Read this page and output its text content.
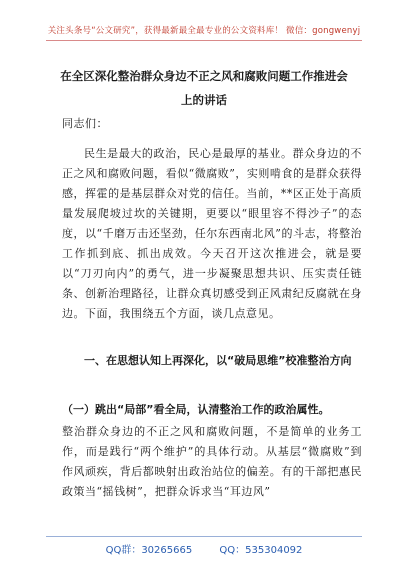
关注头条号“公文研究”，获得最新最全最专业的公文资料库！ 微信：gongwenyj
在全区深化整治群众身边不正之风和腐败问题工作推进会
上的讲话
同志们：
民生是最大的政治，民心是最厚的基业。群众身边的不正之风和腐败问题，看似“微腐败”，实则啃食的是群众获得感，挥霍的是基层群众对党的信任。当前，**区正处于高质量发展爬坡过坎的关键期，更要以“眼里容不得沙子”的态度，以“千磨万击还坚劲，任尔东西南北风”的斗志，将整治工作抓到底、抓出成效。今天召开这次推进会，就是要以“刀刃向内”的勇气，进一步凝聚思想共识、压实责任链条、创新治理路径，让群众真切感受到正风肃纪反腐就在身边。下面，我围绕五个方面，谈几点意见。
一、在思想认知上再深化，以“破局思维”校准整治方向
（一）跳出“局部”看全局，认清整治工作的政治属性。
整治群众身边的不正之风和腐败问题，不是简单的业务工作，而是践行“两个维护”的具体行动。从基层“微腐败”到作风顽疾，背后都映射出政治站位的偏差。有的干部把惠民政策当“摇钱树”，把群众诉求当“耳边风”
QQ群：30265665	QQ：535304092
